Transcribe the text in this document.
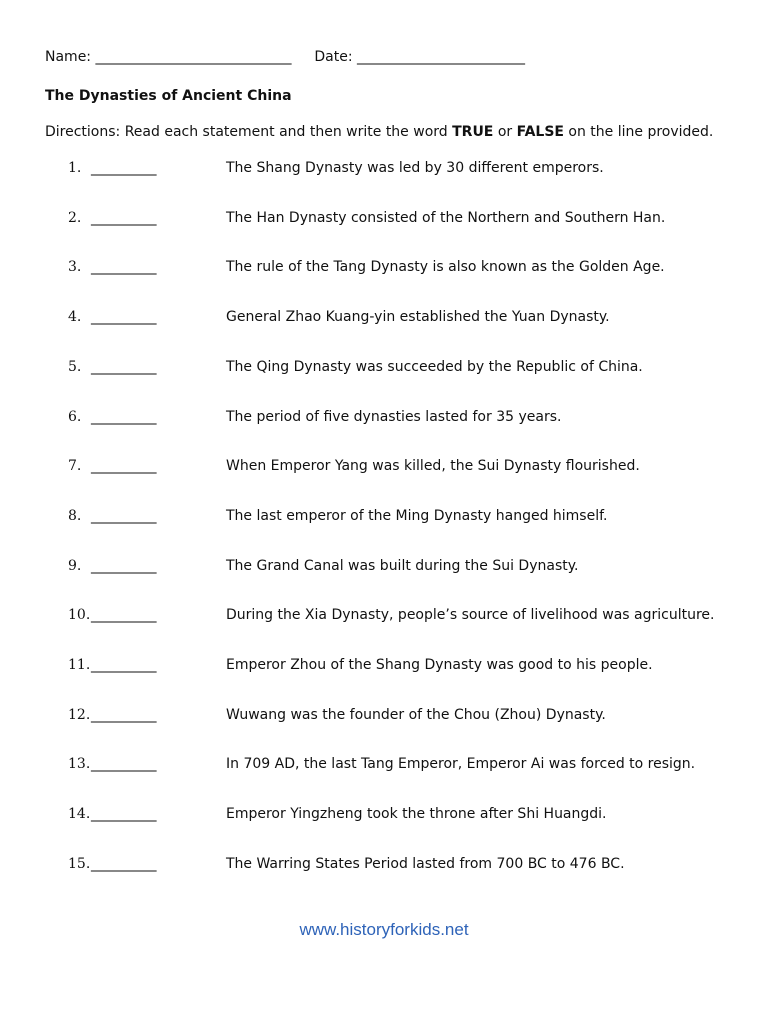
Name: ____________________________ Date: ________________________
The Dynasties of Ancient China
Directions: Read each statement and then write the word TRUE or FALSE on the line provided.
1. __________	The Shang Dynasty was led by 30 different emperors.
2. __________	The Han Dynasty consisted of the Northern and Southern Han.
3. __________	The rule of the Tang Dynasty is also known as the Golden Age.
4. __________	General Zhao Kuang-yin established the Yuan Dynasty.
5. __________	The Qing Dynasty was succeeded by the Republic of China.
6. __________	The period of five dynasties lasted for 35 years.
7. __________	When Emperor Yang was killed, the Sui Dynasty flourished.
8. __________	The last emperor of the Ming Dynasty hanged himself.
9. __________	The Grand Canal was built during the Sui Dynasty.
10. __________	During the Xia Dynasty, people’s source of livelihood was agriculture.
11. __________	Emperor Zhou of the Shang Dynasty was good to his people.
12. __________	Wuwang was the founder of the Chou (Zhou) Dynasty.
13. __________	In 709 AD, the last Tang Emperor, Emperor Ai was forced to resign.
14. __________	Emperor Yingzheng took the throne after Shi Huangdi.
15. __________	The Warring States Period lasted from 700 BC to 476 BC.
www.historyforkids.net
